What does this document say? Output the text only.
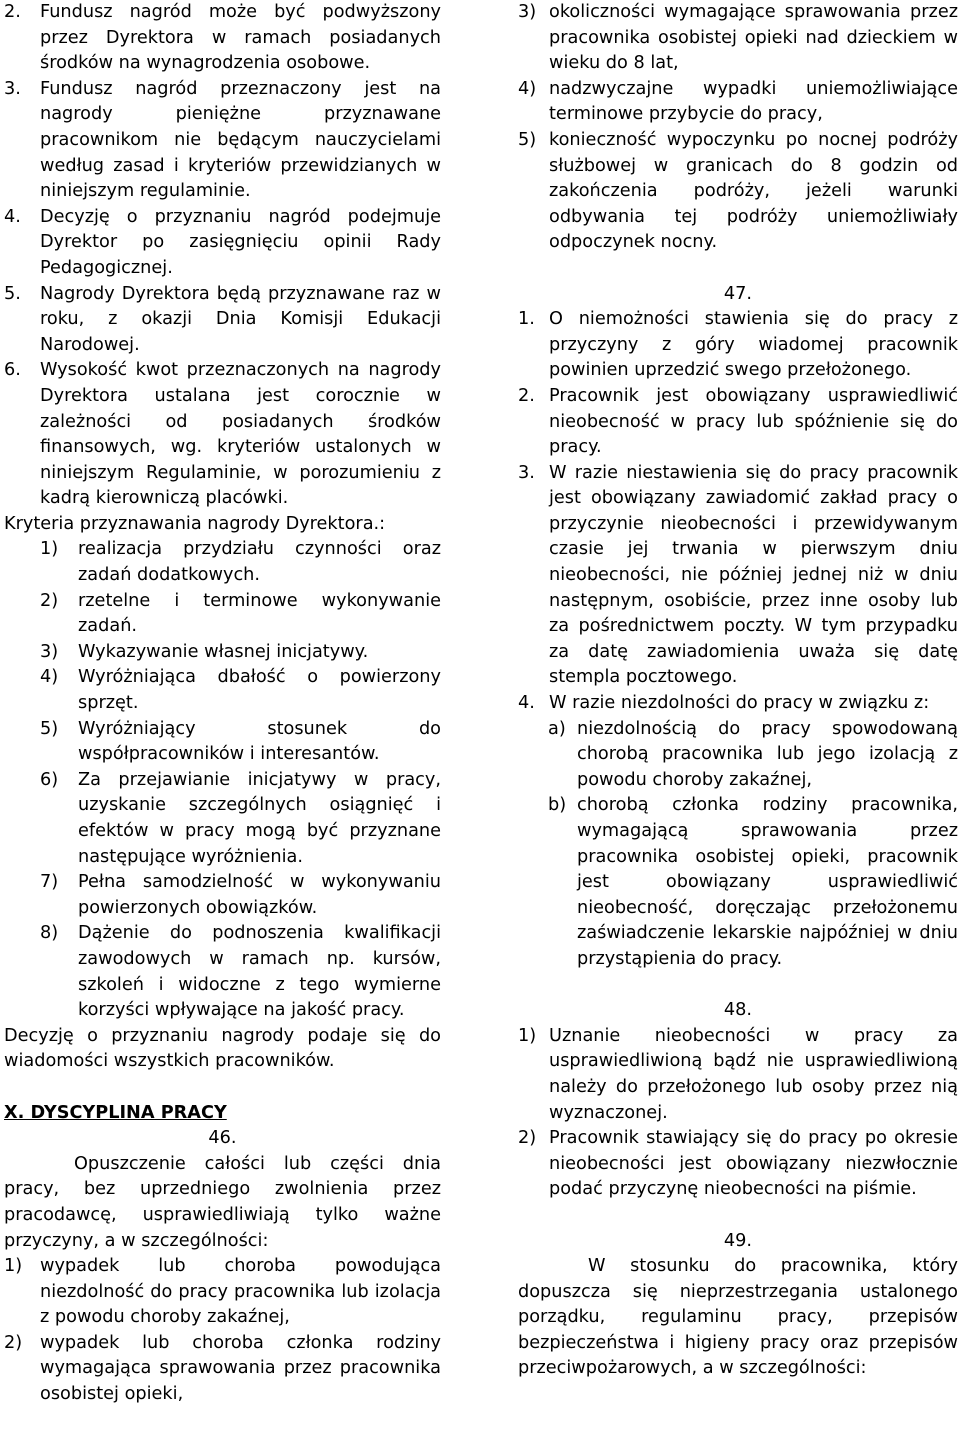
2. Fundusz nagród może być podwyższony przez Dyrektora w ramach posiadanych środków na wynagrodzenia osobowe.

3. Fundusz nagród przeznaczony jest na nagrody pieniężne przyznawane pracownikom nie będącym nauczycielami według zasad i kryteriów przewidzianych w niniejszym regulaminie.

4. Decyzję o przyznaniu nagród podejmuje Dyrektor po zasięgnięciu opinii Rady Pedagogicznej.

5. Nagrody Dyrektora będą przyznawane raz w roku, z okazji Dnia Komisji Edukacji Narodowej.

6. Wysokość kwot przeznaczonych na nagrody Dyrektora ustalana jest corocznie w zależności od posiadanych środków finansowych, wg. kryteriów ustalonych w niniejszym Regulaminie, w porozumieniu z kadrą kierowniczą placówki.

Kryteria przyznawania nagrody Dyrektora.:

1) realizacja przydziału czynności oraz zadań dodatkowych.

2) rzetelne i terminowe wykonywanie zadań.

3) Wykazywanie własnej inicjatywy.

4) Wyróżniająca dbałość o powierzony sprzęt.

5) Wyróżniający stosunek do współpracowników i interesantów.

6) Za przejawianie inicjatywy w pracy, uzyskanie szczególnych osiągnięć i efektów w pracy mogą być przyznane następujące wyróżnienia.

7) Pełna samodzielność w wykonywaniu powierzonych obowiązków.

8) Dążenie do podnoszenia kwalifikacji zawodowych w ramach np. kursów, szkoleń i widoczne z tego wymierne korzyści wpływające na jakość pracy.

Decyzję o przyznaniu nagrody podaje się do wiadomości wszystkich pracowników.

X. DYSCYPLINA PRACY

46.

Opuszczenie całości lub części dnia pracy, bez uprzedniego zwolnienia przez pracodawcę, usprawiedliwiają tylko ważne przyczyny, a w szczególności:

1) wypadek lub choroba powodująca niezdolność do pracy pracownika lub izolacja z powodu choroby zakaźnej,

2) wypadek lub choroba członka rodziny wymagająca sprawowania przez pracownika osobistej opieki,

3) okoliczności wymagające sprawowania przez pracownika osobistej opieki nad dzieckiem w wieku do 8 lat,

4) nadzwyczajne wypadki uniemożliwiające terminowe przybycie do pracy,

5) konieczność wypoczynku po nocnej podróży służbowej w granicach do 8 godzin od zakończenia podróży, jeżeli warunki odbywania tej podróży uniemożliwiały odpoczynek nocny.

47.

1. O niemożności stawienia się do pracy z przyczyny z góry wiadomej pracownik powinien uprzedzić swego przełożonego.

2. Pracownik jest obowiązany usprawiedliwić nieobecność w pracy lub spóźnienie się do pracy.

3. W razie niestawienia się do pracy pracownik jest obowiązany zawiadomić zakład pracy o przyczynie nieobecności i przewidywanym czasie jej trwania w pierwszym dniu nieobecności, nie później jednej niż w dniu następnym, osobiście, przez inne osoby lub za pośrednictwem poczty. W tym przypadku za datę zawiadomienia uważa się datę stempla pocztowego.

4. W razie niezdolności do pracy w związku z:

a) niezdolnością do pracy spowodowaną chorobą pracownika lub jego izolacją z powodu choroby zakaźnej,

b) chorobą członka rodziny pracownika, wymagającą sprawowania przez pracownika osobistej opieki, pracownik jest obowiązany usprawiedliwić nieobecność, doręczając przełożonemu zaświadczenie lekarskie najpóźniej w dniu przystąpienia do pracy.

48.

1) Uznanie nieobecności w pracy za usprawiedliwioną bądź nie usprawiedliwioną należy do przełożonego lub osoby przez nią wyznaczonej.

2) Pracownik stawiający się do pracy po okresie nieobecności jest obowiązany niezwłocznie podać przyczynę nieobecności na piśmie.

49.

W stosunku do pracownika, który dopuszcza się nieprzestrzegania ustalonego porządku, regulaminu pracy, przepisów bezpieczeństwa i higieny pracy oraz przepisów przeciwpożarowych, a w szczególności:
